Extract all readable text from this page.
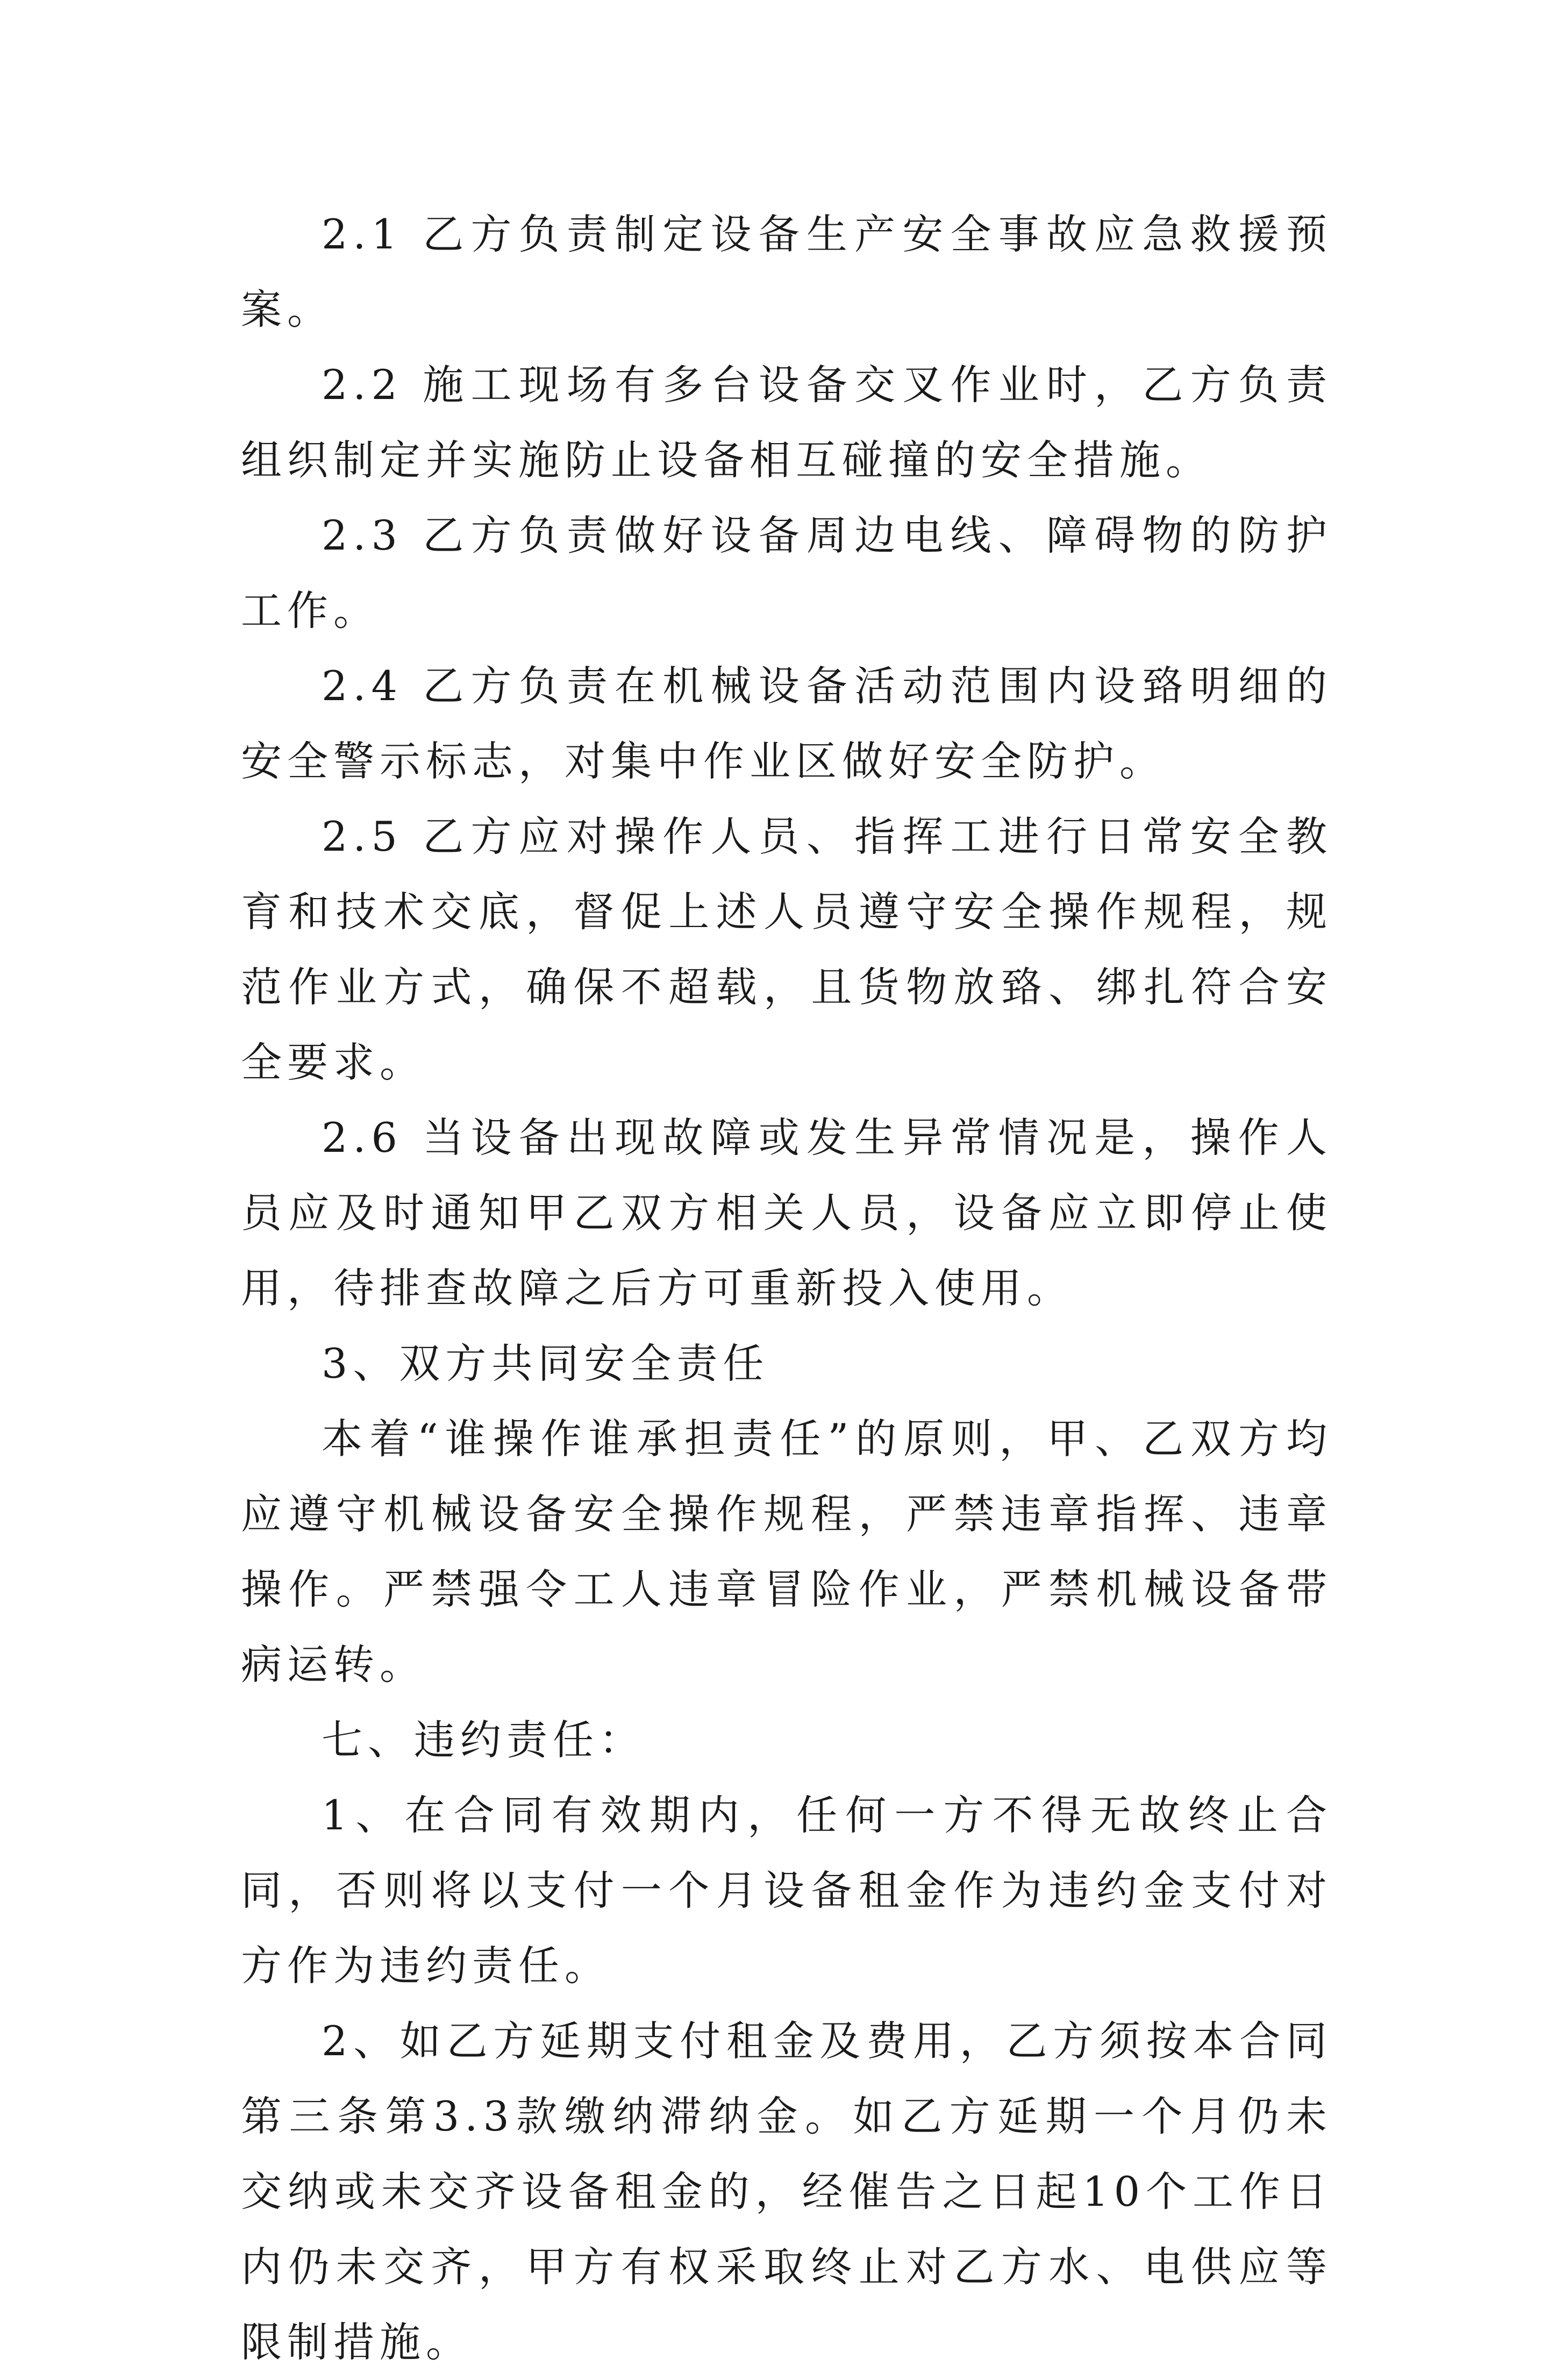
2.1 乙方负责制定设备生产安全事故应急救援预案。

2.2 施工现场有多台设备交叉作业时，乙方负责组织制定并实施防止设备相互碰撞的安全措施。

2.3 乙方负责做好设备周边电线、障碍物的防护工作。

2.4 乙方负责在机械设备活动范围内设臵明细的安全警示标志，对集中作业区做好安全防护。

2.5 乙方应对操作人员、指挥工进行日常安全教育和技术交底，督促上述人员遵守安全操作规程，规范作业方式，确保不超载，且货物放臵、绑扎符合安全要求。

2.6 当设备出现故障或发生异常情况是，操作人员应及时通知甲乙双方相关人员，设备应立即停止使用，待排查故障之后方可重新投入使用。

3、双方共同安全责任

本着“谁操作谁承担责任”的原则，甲、乙双方均应遵守机械设备安全操作规程，严禁违章指挥、违章操作。严禁强令工人违章冒险作业，严禁机械设备带病运转。

七、违约责任：

1、在合同有效期内，任何一方不得无故终止合同，否则将以支付一个月设备租金作为违约金支付对方作为违约责任。

2、如乙方延期支付租金及费用，乙方须按本合同第三条第3.3款缴纳滞纳金。如乙方延期一个月仍未交纳或未交齐设备租金的，经催告之日起10个工作日内仍未交齐，甲方有权采取终止对乙方水、电供应等限制措施。
